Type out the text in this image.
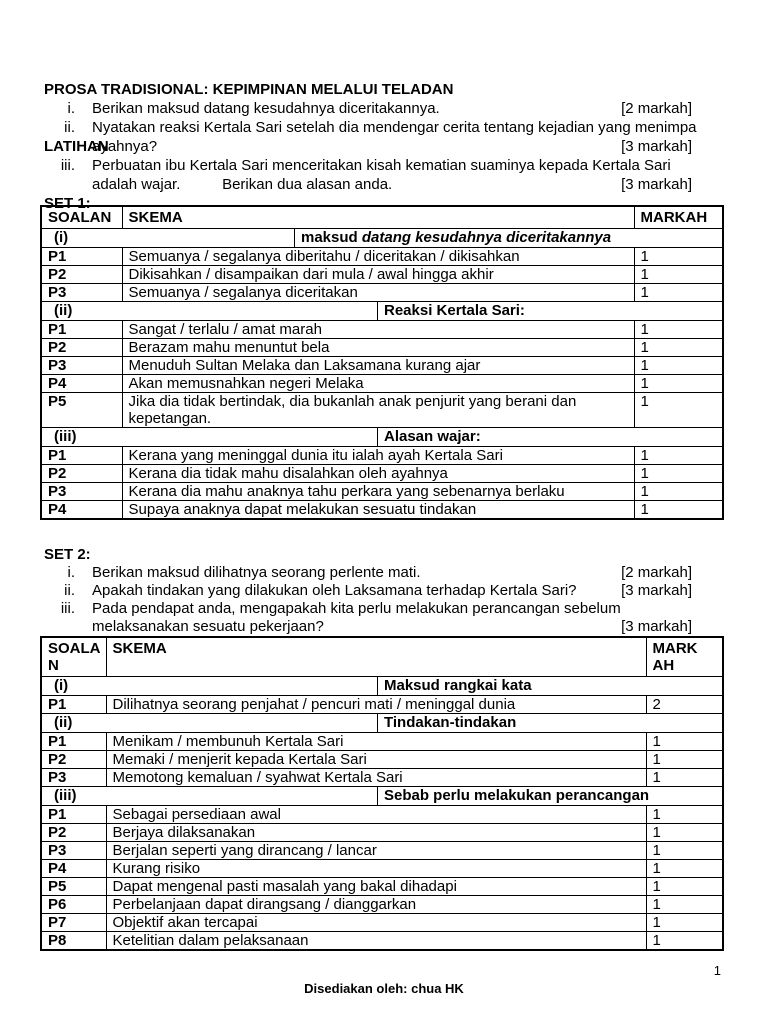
PROSA TRADISIONAL: KEPIMPINAN MELALUI TELADAN

LATIHAN

SET 1:

i. Berikan maksud datang kesudahnya diceritakannya.	[2 markah]
ii. Nyatakan reaksi Kertala Sari setelah dia mendengar cerita tentang kejadian yang menimpa
ayahnya?	[3 markah]
iii. Perbuatan ibu Kertala Sari menceritakan kisah kematian suaminya kepada Kertala Sari
adalah wajar.          Berikan dua alasan anda.	[3 markah]
SOALAN	SKEMA	MARKAH

(i) maksud datang kesudahnya diceritakannya		

P1	Semuanya / segalanya diberitahu / diceritakan / dikisahkan	1
P2	Dikisahkan / disampaikan dari mula / awal hingga akhir	1
P3	Semuanya / segalanya diceritakan	1

(ii) Reaksi Kertala Sari:		

P1	Sangat / terlalu / amat marah	1
P2	Berazam mahu menuntut bela	1
P3	Menuduh Sultan Melaka dan Laksamana kurang ajar	1
P4	Akan memusnahkan negeri Melaka	1
P5	Jika dia tidak bertindak, dia bukanlah anak penjurit yang berani dan kepetangan.	1

(iii) Alasan wajar:		

P1	Kerana yang meninggal dunia itu ialah ayah Kertala Sari	1
P2	Kerana dia tidak mahu disalahkan oleh ayahnya	1
P3	Kerana dia mahu anaknya tahu perkara yang sebenarnya berlaku	1
P4	Supaya anaknya dapat melakukan sesuatu tindakan	1
SET 2:
i. Berikan maksud dilihatnya seorang perlente mati.	[2 markah]
ii. Apakah tindakan yang dilakukan oleh Laksamana terhadap Kertala Sari?	[3 markah]
iii. Pada pendapat anda, mengapakah kita perlu melakukan perancangan sebelum
melaksanakan sesuatu pekerjaan?	[3 markah]
SOALA
N	SKEMA	MARK
AH

(i) Maksud rangkai kata		

P1	Dilihatnya seorang penjahat / pencuri mati / meninggal dunia	2

(ii) Tindakan-tindakan		

P1	Menikam / membunuh Kertala Sari	1
P2	Memaki / menjerit kepada Kertala Sari	1
P3	Memotong kemaluan / syahwat Kertala Sari	1

(iii) Sebab perlu melakukan perancangan		

P1	Sebagai persediaan awal	1
P2	Berjaya dilaksanakan	1
P3	Berjalan seperti yang dirancang / lancar	1
P4	Kurang risiko	1
P5	Dapat mengenal pasti masalah yang bakal dihadapi	1
P6	Perbelanjaan dapat dirangsang / dianggarkan	1
P7	Objektif akan tercapai	1
P8	Ketelitian dalam pelaksanaan	1
1
Disediakan oleh: chua HK
